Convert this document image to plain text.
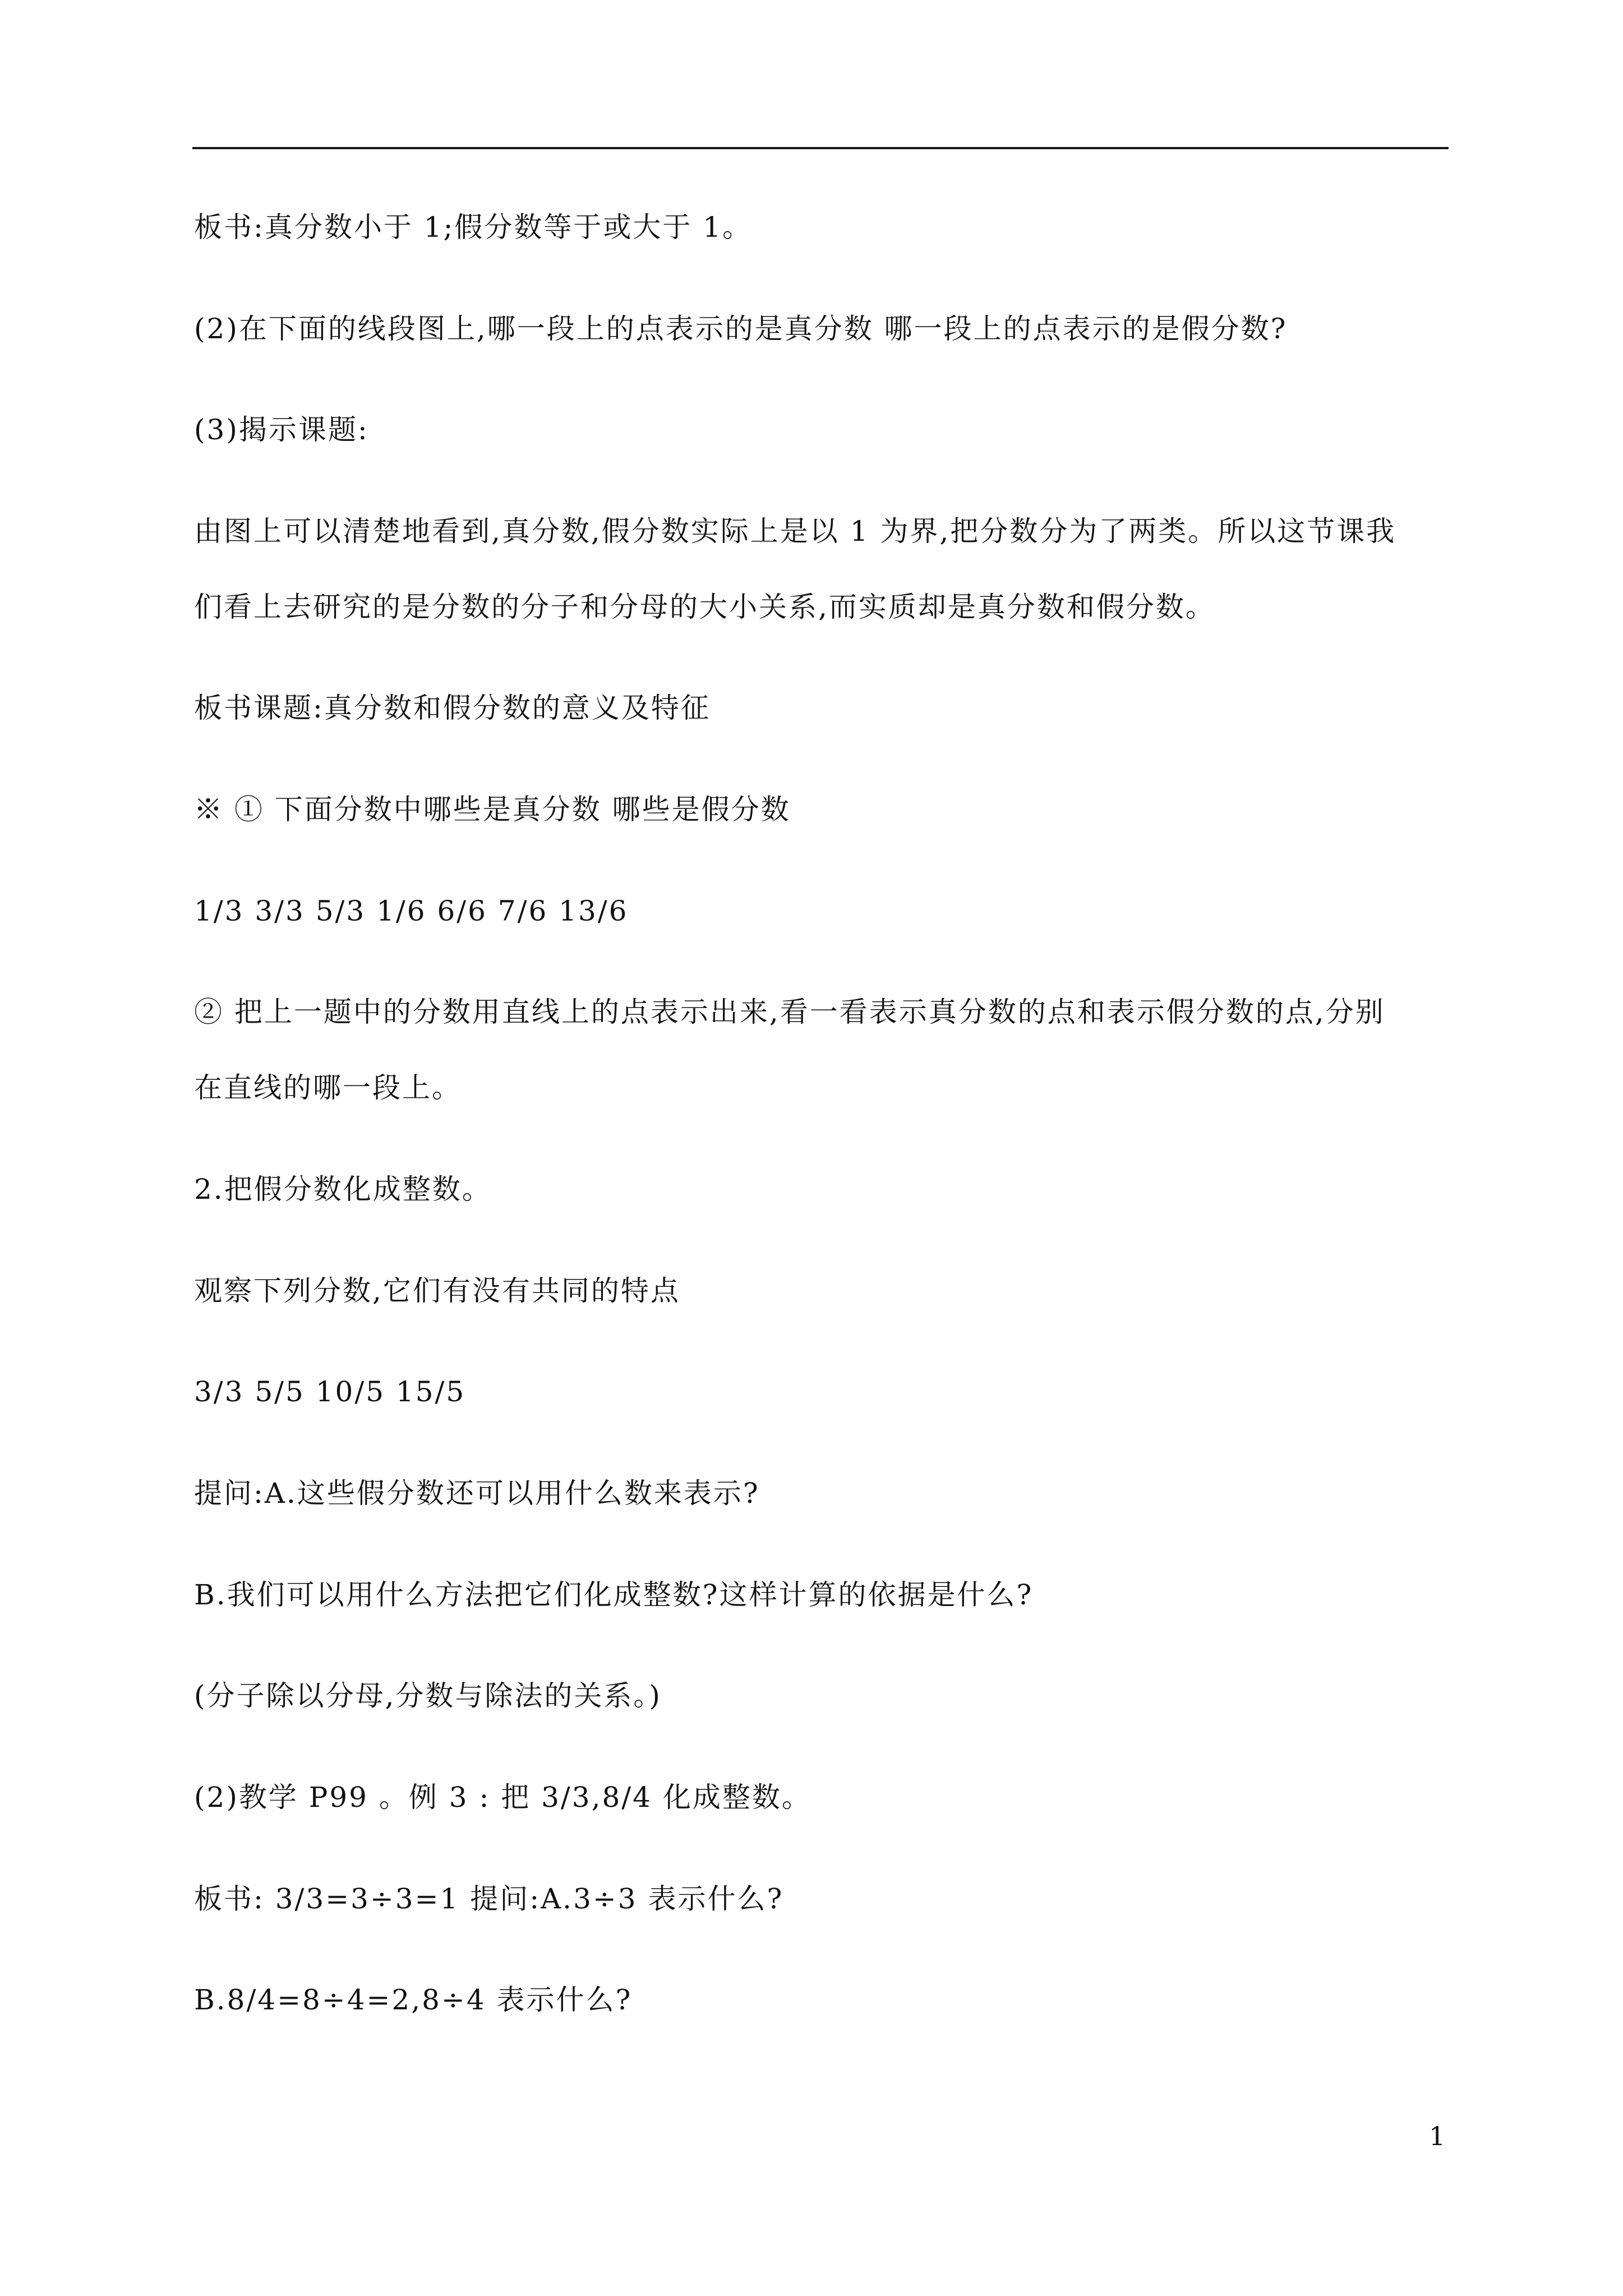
板书:真分数小于 1;假分数等于或大于 1。
(2)在下面的线段图上,哪一段上的点表示的是真分数 哪一段上的点表示的是假分数?
(3)揭示课题:
由图上可以清楚地看到,真分数,假分数实际上是以 1 为界,把分数分为了两类。所以这节课我
们看上去研究的是分数的分子和分母的大小关系,而实质却是真分数和假分数。
板书课题:真分数和假分数的意义及特征
※ ① 下面分数中哪些是真分数 哪些是假分数
1/3 3/3 5/3 1/6 6/6 7/6 13/6
② 把上一题中的分数用直线上的点表示出来,看一看表示真分数的点和表示假分数的点,分别
在直线的哪一段上。
2.把假分数化成整数。
观察下列分数,它们有没有共同的特点
3/3 5/5 10/5 15/5
提问:A.这些假分数还可以用什么数来表示?
B.我们可以用什么方法把它们化成整数?这样计算的依据是什么?
(分子除以分母,分数与除法的关系。)
(2)教学 P99 。例 3 : 把 3/3,8/4 化成整数。
板书: 3/3=3÷3=1 提问:A.3÷3 表示什么?
B.8/4=8÷4=2,8÷4 表示什么?
1
